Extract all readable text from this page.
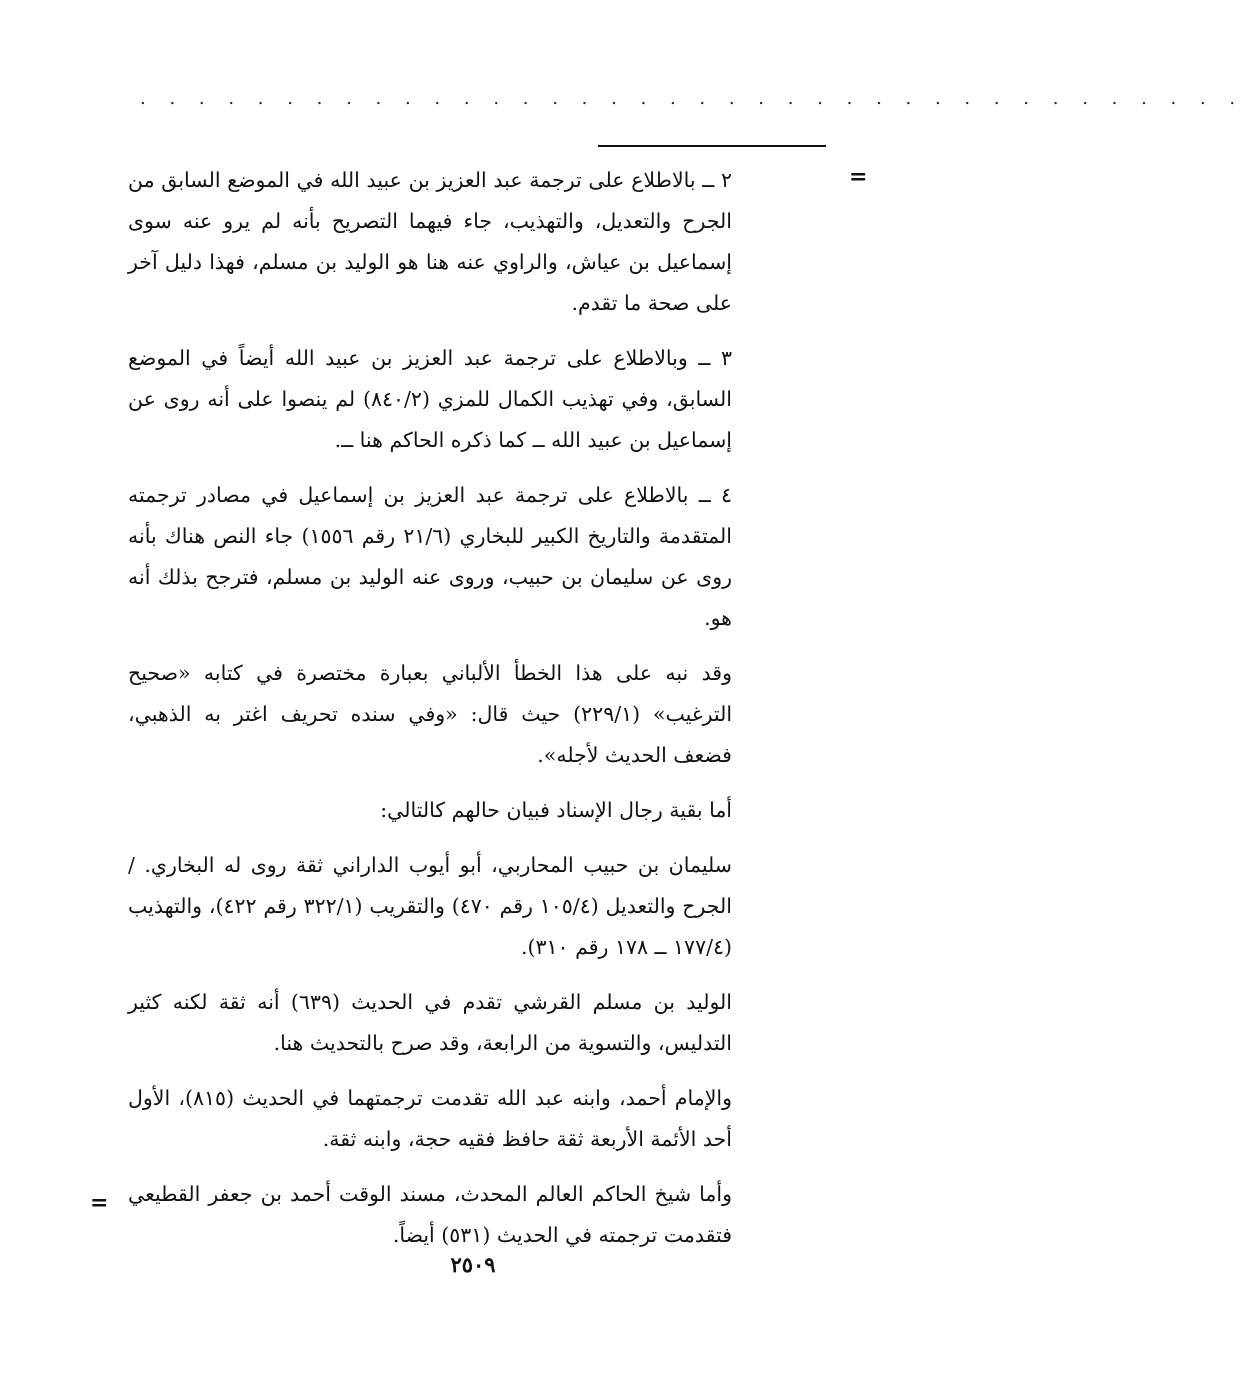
. . . . . . . . . . . . . . . . . . . . . . . . . . . . . . . . . . . . . .
=
=

٢ ــ بالاطلاع على ترجمة عبد العزيز بن عبيد الله في الموضع السابق من الجرح والتعديل، والتهذيب، جاء فيهما التصريح بأنه لم يرو عنه سوى إسماعيل بن عياش، والراوي عنه هنا هو الوليد بن مسلم، فهذا دليل آخر على صحة ما تقدم.

٣ ــ وبالاطلاع على ترجمة عبد العزيز بن عبيد الله أيضاً في الموضع السابق، وفي تهذيب الكمال للمزي (٨٤٠/٢) لم ينصوا على أنه روى عن إسماعيل بن عبيد الله ــ كما ذكره الحاكم هنا ــ.

٤ ــ بالاطلاع على ترجمة عبد العزيز بن إسماعيل في مصادر ترجمته المتقدمة والتاريخ الكبير للبخاري (٢١/٦ رقم ١٥٥٦) جاء النص هناك بأنه روى عن سليمان بن حبيب، وروى عنه الوليد بن مسلم، فترجح بذلك أنه هو.

وقد نبه على هذا الخطأ الألباني بعبارة مختصرة في كتابه «صحيح الترغيب» (٢٢٩/١) حيث قال: «وفي سنده تحريف اغتر به الذهبي، فضعف الحديث لأجله».

أما بقية رجال الإسناد فبيان حالهم كالتالي:

سليمان بن حبيب المحاربي، أبو أيوب الداراني ثقة روى له البخاري. / الجرح والتعديل (١٠٥/٤ رقم ٤٧٠) والتقريب (٣٢٢/١ رقم ٤٢٢)، والتهذيب (١٧٧/٤ ــ ١٧٨ رقم ٣١٠).

الوليد بن مسلم القرشي تقدم في الحديث (٦٣٩) أنه ثقة لكنه كثير التدليس، والتسوية من الرابعة، وقد صرح بالتحديث هنا.

والإمام أحمد، وابنه عبد الله تقدمت ترجمتهما في الحديث (٨١٥)، الأول أحد الأئمة الأربعة ثقة حافظ فقيه حجة، وابنه ثقة.

وأما شيخ الحاكم العالم المحدث، مسند الوقت أحمد بن جعفر القطيعي فتقدمت ترجمته في الحديث (٥٣١) أيضاً.

٢٥٠٩
